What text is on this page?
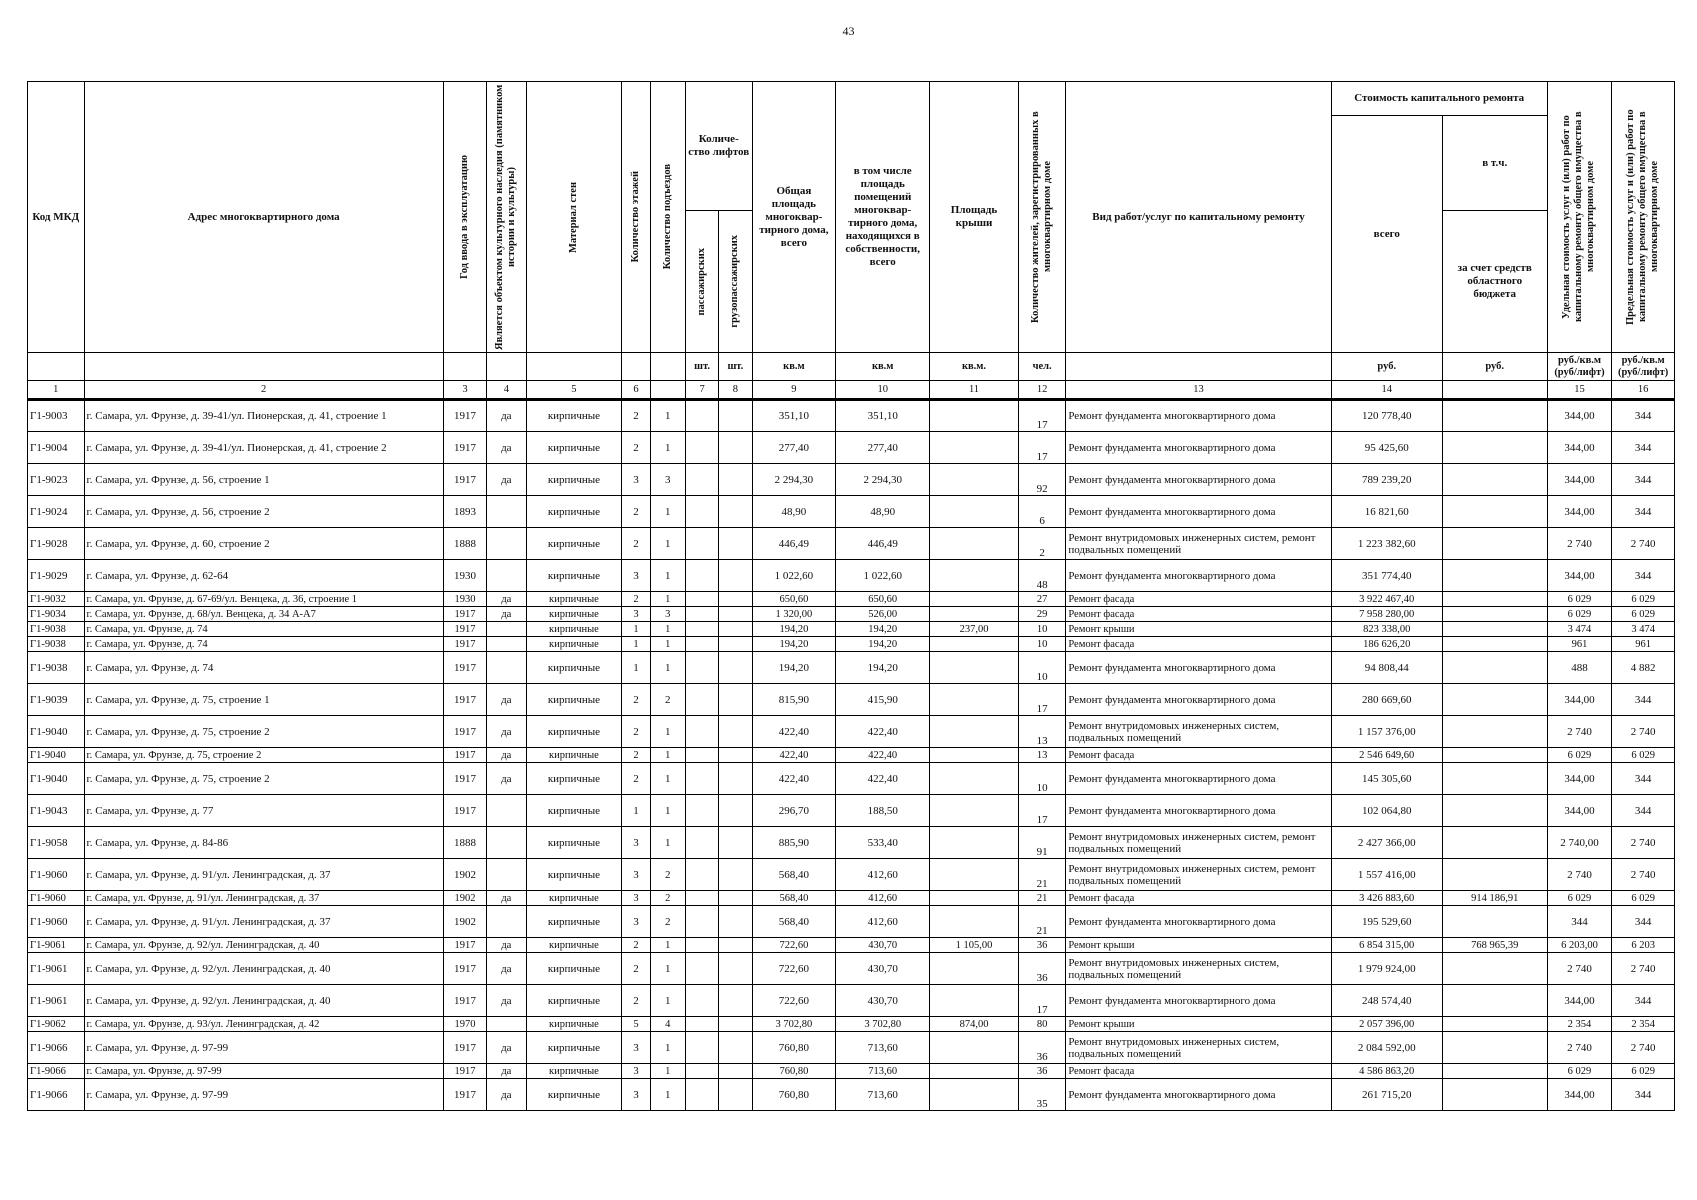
43
Код МКД	Адрес многоквартирного дома	Год ввода в эксплуатацию	Является объектом культурного наследия (памятником истории и культуры)	Материал стен	Количество этажей	Количество подъездов	Количе-ство лифтов		Общая площадь многоквар-тирного дома, всего	в том числе площадь помещений многоквар-тирного дома, находящихся в собственности, всего	Площадь крыши	Количество жителей, зарегистрированных в многоквартирном доме	Вид работ/услуг по капитальному ремонту	Стоимость капитального ремонта		Удельная стоимость услуг и (или) работ по капитальному ремонту общего имущества в многоквартирном доме	Предельная стоимость услуг и (или) работ по капитальному ремонту общего имущества в многоквартирном доме

														всего	в т.ч.		

							пассажирских	грузопассажирских							за счет средств областного бюджета		
							шт.	шт.	кв.м	кв.м	кв.м.	чел.		руб.	руб.	руб./кв.м (руб/лифт)	руб./кв.м (руб/лифт)
1	2	3	4	5	6		7	8	9	10	11	12	13	14		15	16
Г1-9003	г. Самара, ул. Фрунзе, д. 39-41/ул. Пионерская, д. 41, строение 1	1917	да	кирпичные	2	1			351,10	351,10		17	Ремонт фундамента многоквартирного дома	120 778,40		344,00	344
Г1-9004	г. Самара, ул. Фрунзе, д. 39-41/ул. Пионерская, д. 41, строение 2	1917	да	кирпичные	2	1			277,40	277,40		17	Ремонт фундамента многоквартирного дома	95 425,60		344,00	344
Г1-9023	г. Самара, ул. Фрунзе, д. 56, строение 1	1917	да	кирпичные	3	3			2 294,30	2 294,30		92	Ремонт фундамента многоквартирного дома	789 239,20		344,00	344
Г1-9024	г. Самара, ул. Фрунзе, д. 56, строение 2	1893		кирпичные	2	1			48,90	48,90		6	Ремонт фундамента многоквартирного дома	16 821,60		344,00	344
Г1-9028	г. Самара, ул. Фрунзе, д. 60, строение 2	1888		кирпичные	2	1			446,49	446,49		2	Ремонт внутридомовых инженерных систем, ремонт подвальных помещений	1 223 382,60		2 740	2 740
Г1-9029	г. Самара, ул. Фрунзе, д. 62-64	1930		кирпичные	3	1			1 022,60	1 022,60		48	Ремонт фундамента многоквартирного дома	351 774,40		344,00	344
Г1-9032	г. Самара, ул. Фрунзе, д. 67-69/ул. Венцека, д. 36, строение 1	1930	да	кирпичные	2	1			650,60	650,60		27	Ремонт фасада	3 922 467,40		6 029	6 029
Г1-9034	г. Самара, ул. Фрунзе, д. 68/ул. Венцека, д. 34 А-А7	1917	да	кирпичные	3	3			1 320,00	526,00		29	Ремонт фасада	7 958 280,00		6 029	6 029
Г1-9038	г. Самара, ул. Фрунзе, д. 74	1917		кирпичные	1	1			194,20	194,20	237,00	10	Ремонт крыши	823 338,00		3 474	3 474
Г1-9038	г. Самара, ул. Фрунзе, д. 74	1917		кирпичные	1	1			194,20	194,20		10	Ремонт фасада	186 626,20		961	961
Г1-9038	г. Самара, ул. Фрунзе, д. 74	1917		кирпичные	1	1			194,20	194,20		10	Ремонт фундамента многоквартирного дома	94 808,44		488	4 882
Г1-9039	г. Самара, ул. Фрунзе, д. 75, строение 1	1917	да	кирпичные	2	2			815,90	415,90		17	Ремонт фундамента многоквартирного дома	280 669,60		344,00	344
Г1-9040	г. Самара, ул. Фрунзе, д. 75, строение 2	1917	да	кирпичные	2	1			422,40	422,40		13	Ремонт внутридомовых инженерных систем, подвальных помещений	1 157 376,00		2 740	2 740
Г1-9040	г. Самара, ул. Фрунзе, д. 75, строение 2	1917	да	кирпичные	2	1			422,40	422,40		13	Ремонт фасада	2 546 649,60		6 029	6 029
Г1-9040	г. Самара, ул. Фрунзе, д. 75, строение 2	1917	да	кирпичные	2	1			422,40	422,40		10	Ремонт фундамента многоквартирного дома	145 305,60		344,00	344
Г1-9043	г. Самара, ул. Фрунзе, д. 77	1917		кирпичные	1	1			296,70	188,50		17	Ремонт фундамента многоквартирного дома	102 064,80		344,00	344
Г1-9058	г. Самара, ул. Фрунзе, д. 84-86	1888		кирпичные	3	1			885,90	533,40		91	Ремонт внутридомовых инженерных систем, ремонт подвальных помещений	2 427 366,00		2 740,00	2 740
Г1-9060	г. Самара, ул. Фрунзе, д. 91/ул. Ленинградская, д. 37	1902		кирпичные	3	2			568,40	412,60		21	Ремонт внутридомовых инженерных систем, ремонт подвальных помещений	1 557 416,00		2 740	2 740
Г1-9060	г. Самара, ул. Фрунзе, д. 91/ул. Ленинградская, д. 37	1902	да	кирпичные	3	2			568,40	412,60		21	Ремонт фасада	3 426 883,60	914 186,91	6 029	6 029
Г1-9060	г. Самара, ул. Фрунзе, д. 91/ул. Ленинградская, д. 37	1902		кирпичные	3	2			568,40	412,60		21	Ремонт фундамента многоквартирного дома	195 529,60		344	344
Г1-9061	г. Самара, ул. Фрунзе, д. 92/ул. Ленинградская, д. 40	1917	да	кирпичные	2	1			722,60	430,70	1 105,00	36	Ремонт крыши	6 854 315,00	768 965,39	6 203,00	6 203
Г1-9061	г. Самара, ул. Фрунзе, д. 92/ул. Ленинградская, д. 40	1917	да	кирпичные	2	1			722,60	430,70		36	Ремонт внутридомовых инженерных систем, подвальных помещений	1 979 924,00		2 740	2 740
Г1-9061	г. Самара, ул. Фрунзе, д. 92/ул. Ленинградская, д. 40	1917	да	кирпичные	2	1			722,60	430,70		17	Ремонт фундамента многоквартирного дома	248 574,40		344,00	344
Г1-9062	г. Самара, ул. Фрунзе, д. 93/ул. Ленинградская, д. 42	1970		кирпичные	5	4			3 702,80	3 702,80	874,00	80	Ремонт крыши	2 057 396,00		2 354	2 354
Г1-9066	г. Самара, ул. Фрунзе, д. 97-99	1917	да	кирпичные	3	1			760,80	713,60		36	Ремонт внутридомовых инженерных систем, подвальных помещений	2 084 592,00		2 740	2 740
Г1-9066	г. Самара, ул. Фрунзе, д. 97-99	1917	да	кирпичные	3	1			760,80	713,60		36	Ремонт фасада	4 586 863,20		6 029	6 029
Г1-9066	г. Самара, ул. Фрунзе, д. 97-99	1917	да	кирпичные	3	1			760,80	713,60		35	Ремонт фундамента многоквартирного дома	261 715,20		344,00	344
